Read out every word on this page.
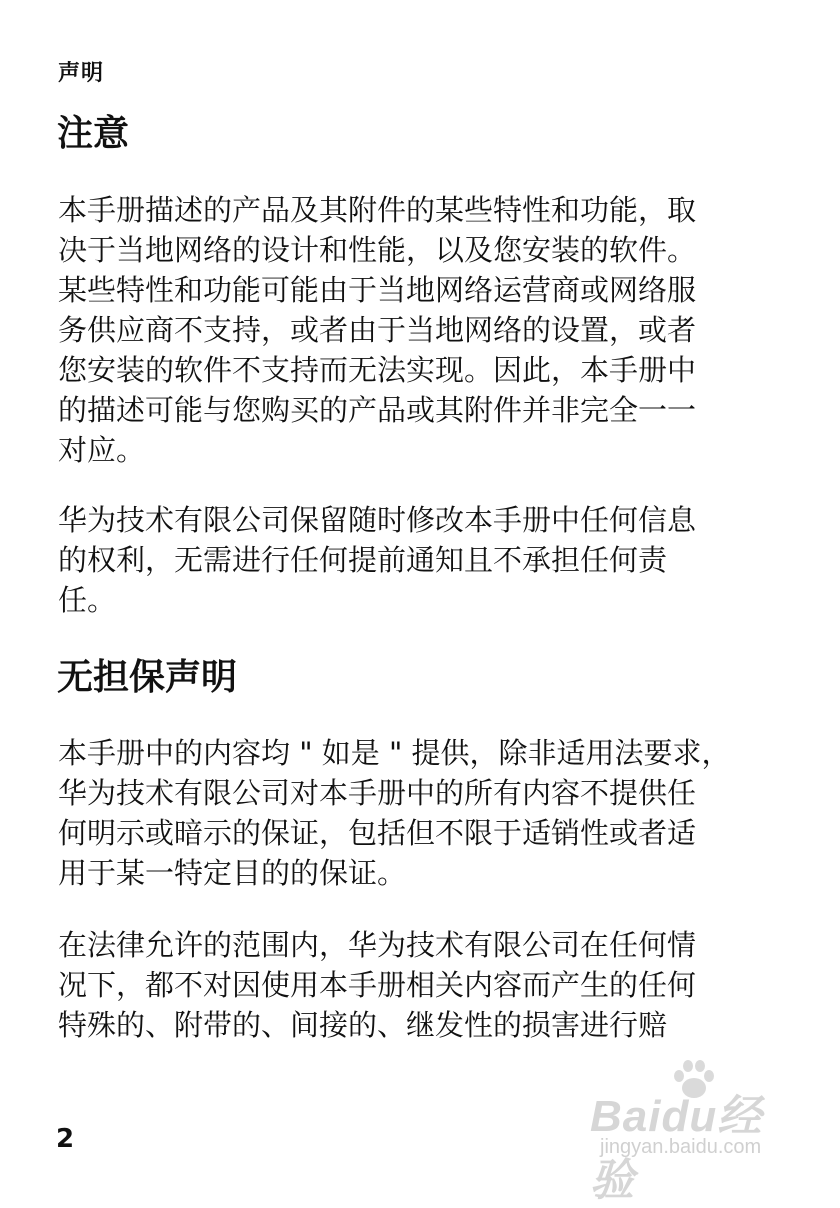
声明
注意

本手册描述的产品及其附件的某些特性和功能，取
决于当地网络的设计和性能，以及您安装的软件。
某些特性和功能可能由于当地网络运营商或网络服
务供应商不支持，或者由于当地网络的设置，或者
您安装的软件不支持而无法实现。因此，本手册中
的描述可能与您购买的产品或其附件并非完全一一
对应。

华为技术有限公司保留随时修改本手册中任何信息
的权利，无需进行任何提前通知且不承担任何责
任。

无担保声明

本手册中的内容均 " 如是 " 提供，除非适用法要求，
华为技术有限公司对本手册中的所有内容不提供任
何明示或暗示的保证，包括但不限于适销性或者适
用于某一特定目的的保证。

在法律允许的范围内，华为技术有限公司在任何情
况下，都不对因使用本手册相关内容而产生的任何
特殊的、附带的、间接的、继发性的损害进行赔

2	Baidu经验
jingyan.baidu.com
